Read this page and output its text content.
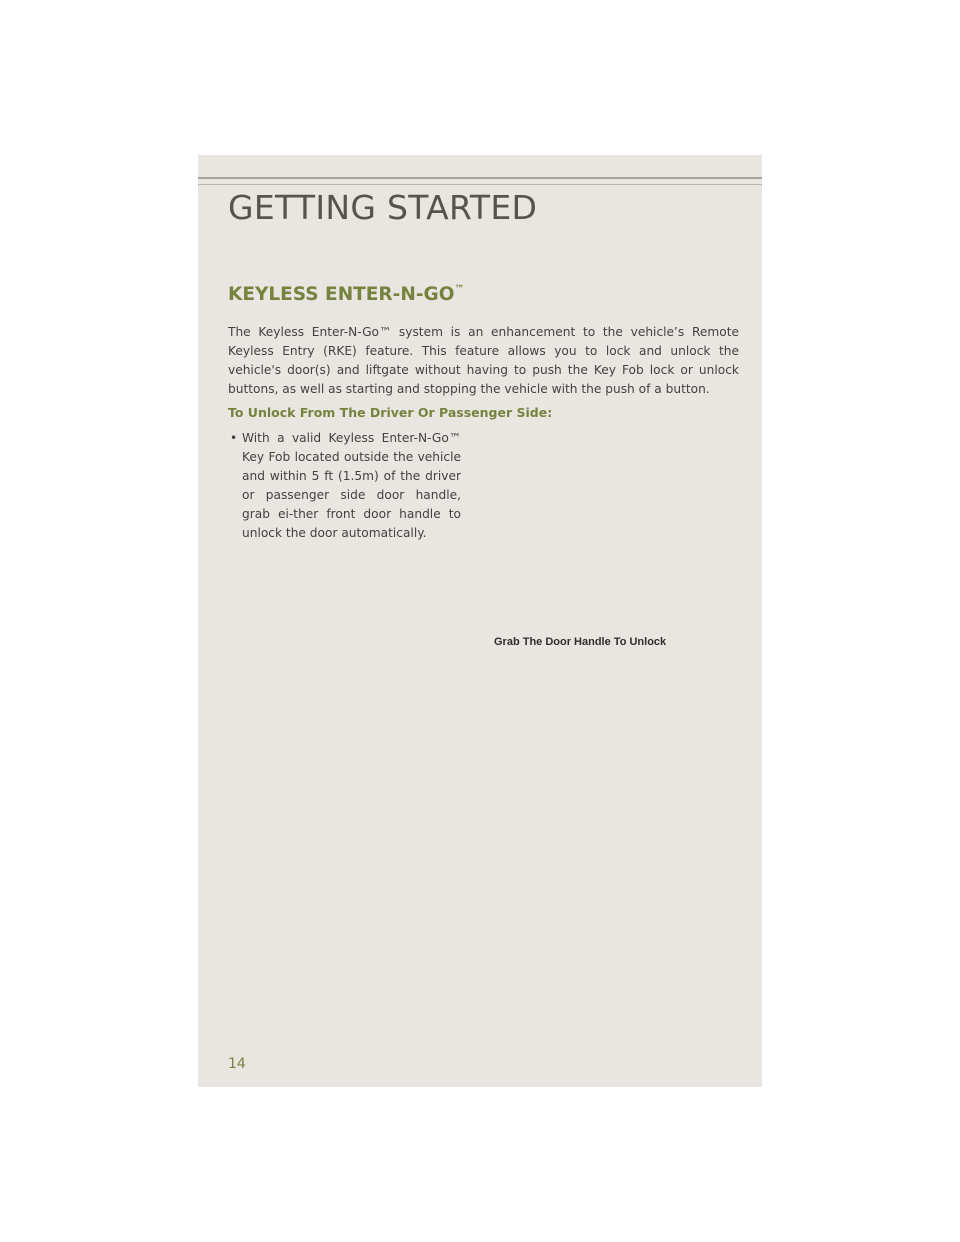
GETTING STARTED
KEYLESS ENTER-N-GO™

The Keyless Enter-N-Go™ system is an enhancement to the vehicle’s Remote Keyless Entry (RKE) feature. This feature allows you to lock and unlock the vehicle's door(s) and liftgate without having to push the Key Fob lock or unlock buttons, as well as starting and stopping the vehicle with the push of a button.

To Unlock From The Driver Or Passenger Side:
• With a valid Keyless Enter-N-Go™ Key Fob located outside the vehicle and within 5 ft (1.5m) of the driver or passenger side door handle, grab ei-ther front door handle to unlock the door automatically.

Grab The Door Handle To Unlock

14
